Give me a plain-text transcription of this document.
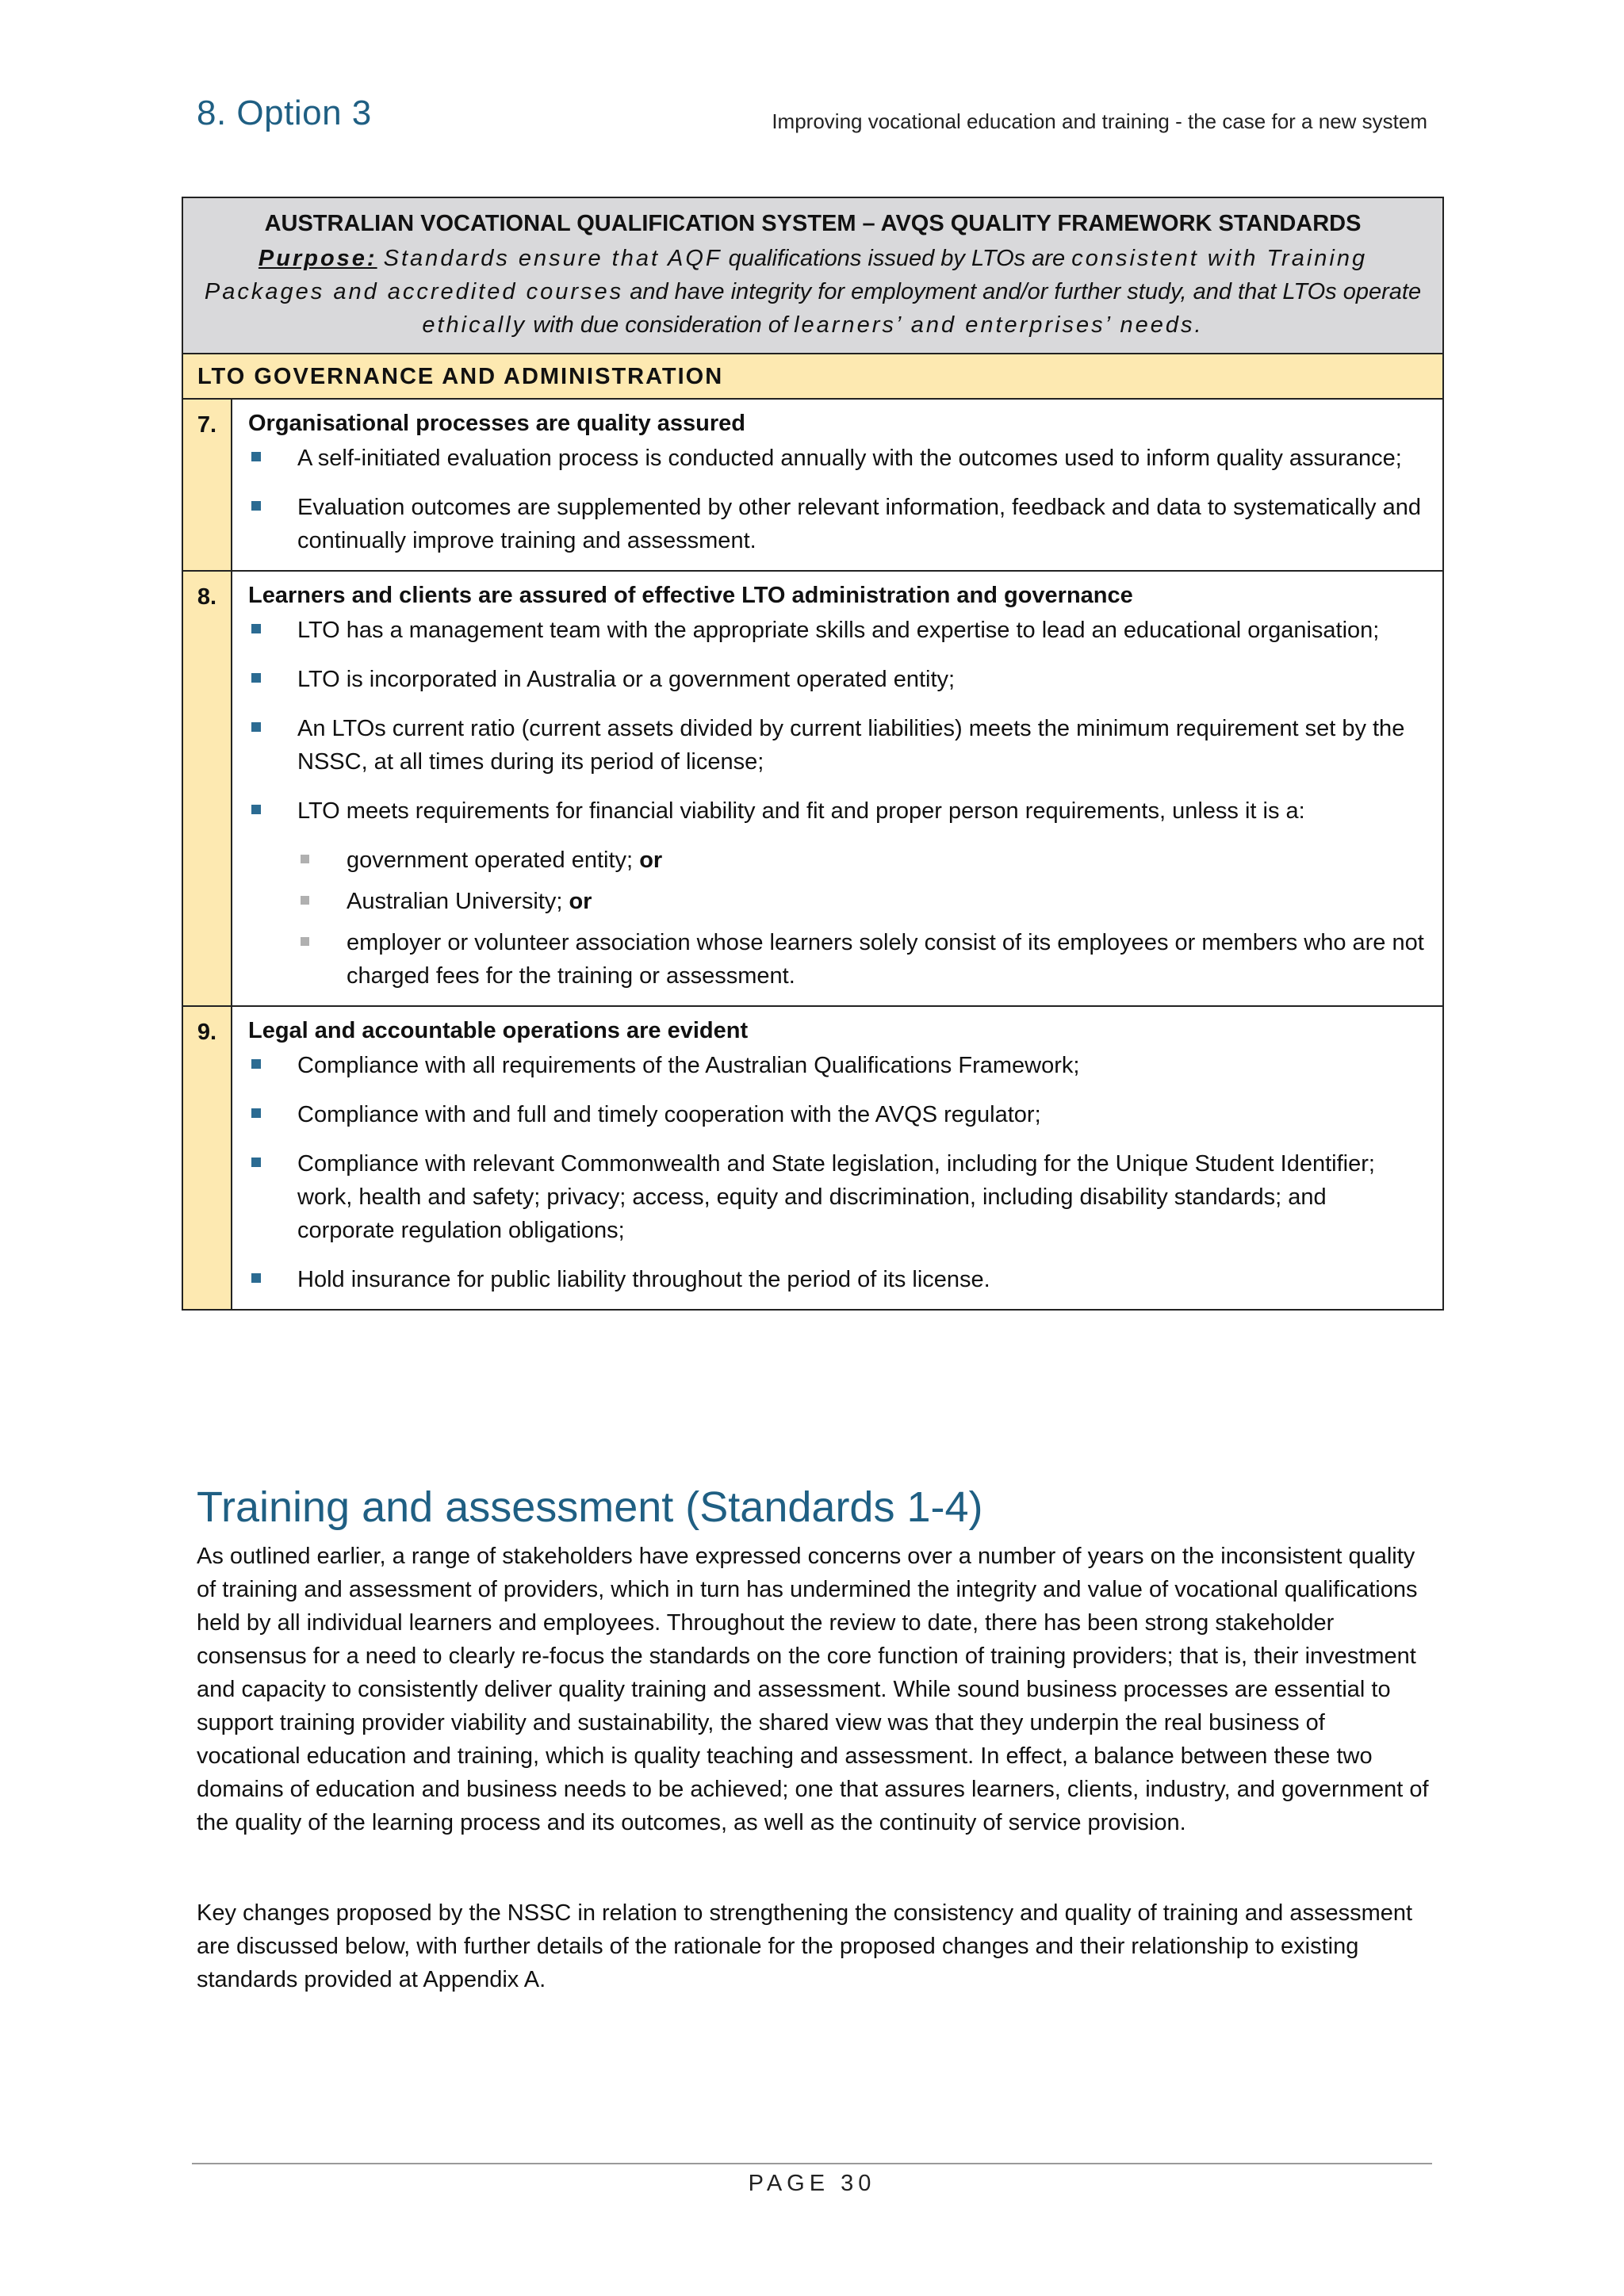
8. Option 3	Improving vocational education and training - the case for a new system
AUSTRALIAN VOCATIONAL QUALIFICATION SYSTEM – AVQS QUALITY FRAMEWORK STANDARDS
Purpose: Standards ensure that AQF qualifications issued by LTOs are consistent with Training Packages and accredited courses and have integrity for employment and/or further study, and that LTOs operate ethically with due consideration of learners’ and enterprises’ needs.
LTO GOVERNANCE AND ADMINISTRATION
7.	Organisational processes are quality assured
A self-initiated evaluation process is conducted annually with the outcomes used to inform quality assurance;
Evaluation outcomes are supplemented by other relevant information, feedback and data to systematically and continually improve training and assessment.
8.	Learners and clients are assured of effective LTO administration and governance
LTO has a management team with the appropriate skills and expertise to lead an educational organisation;
LTO is incorporated in Australia or a government operated entity;
An LTOs current ratio (current assets divided by current liabilities) meets the minimum requirement set by the NSSC, at all times during its period of license;
LTO meets requirements for financial viability and fit and proper person requirements, unless it is a:
government operated entity; or
Australian University; or
employer or volunteer association whose learners solely consist of its employees or members who are not charged fees for the training or assessment.
9.	Legal and accountable operations are evident
Compliance with all requirements of the Australian Qualifications Framework;
Compliance with and full and timely cooperation with the AVQS regulator;
Compliance with relevant Commonwealth and State legislation, including for the Unique Student Identifier; work, health and safety; privacy; access, equity and discrimination, including disability standards; and corporate regulation obligations;
Hold insurance for public liability throughout the period of its license.
Training and assessment (Standards 1-4)

As outlined earlier, a range of stakeholders have expressed concerns over a number of years on the inconsistent quality of training and assessment of providers, which in turn has undermined the integrity and value of vocational qualifications held by all individual learners and employees. Throughout the review to date, there has been strong stakeholder consensus for a need to clearly re-focus the standards on the core function of training providers; that is, their investment and capacity to consistently deliver quality training and assessment. While sound business processes are essential to support training provider viability and sustainability, the shared view was that they underpin the real business of vocational education and training, which is quality teaching and assessment. In effect, a balance between these two domains of education and business needs to be achieved; one that assures learners, clients, industry, and government of the quality of the learning process and its outcomes, as well as the continuity of service provision.

Key changes proposed by the NSSC in relation to strengthening the consistency and quality of training and assessment are discussed below, with further details of the rationale for the proposed changes and their relationship to existing standards provided at Appendix A.

PAGE 30
